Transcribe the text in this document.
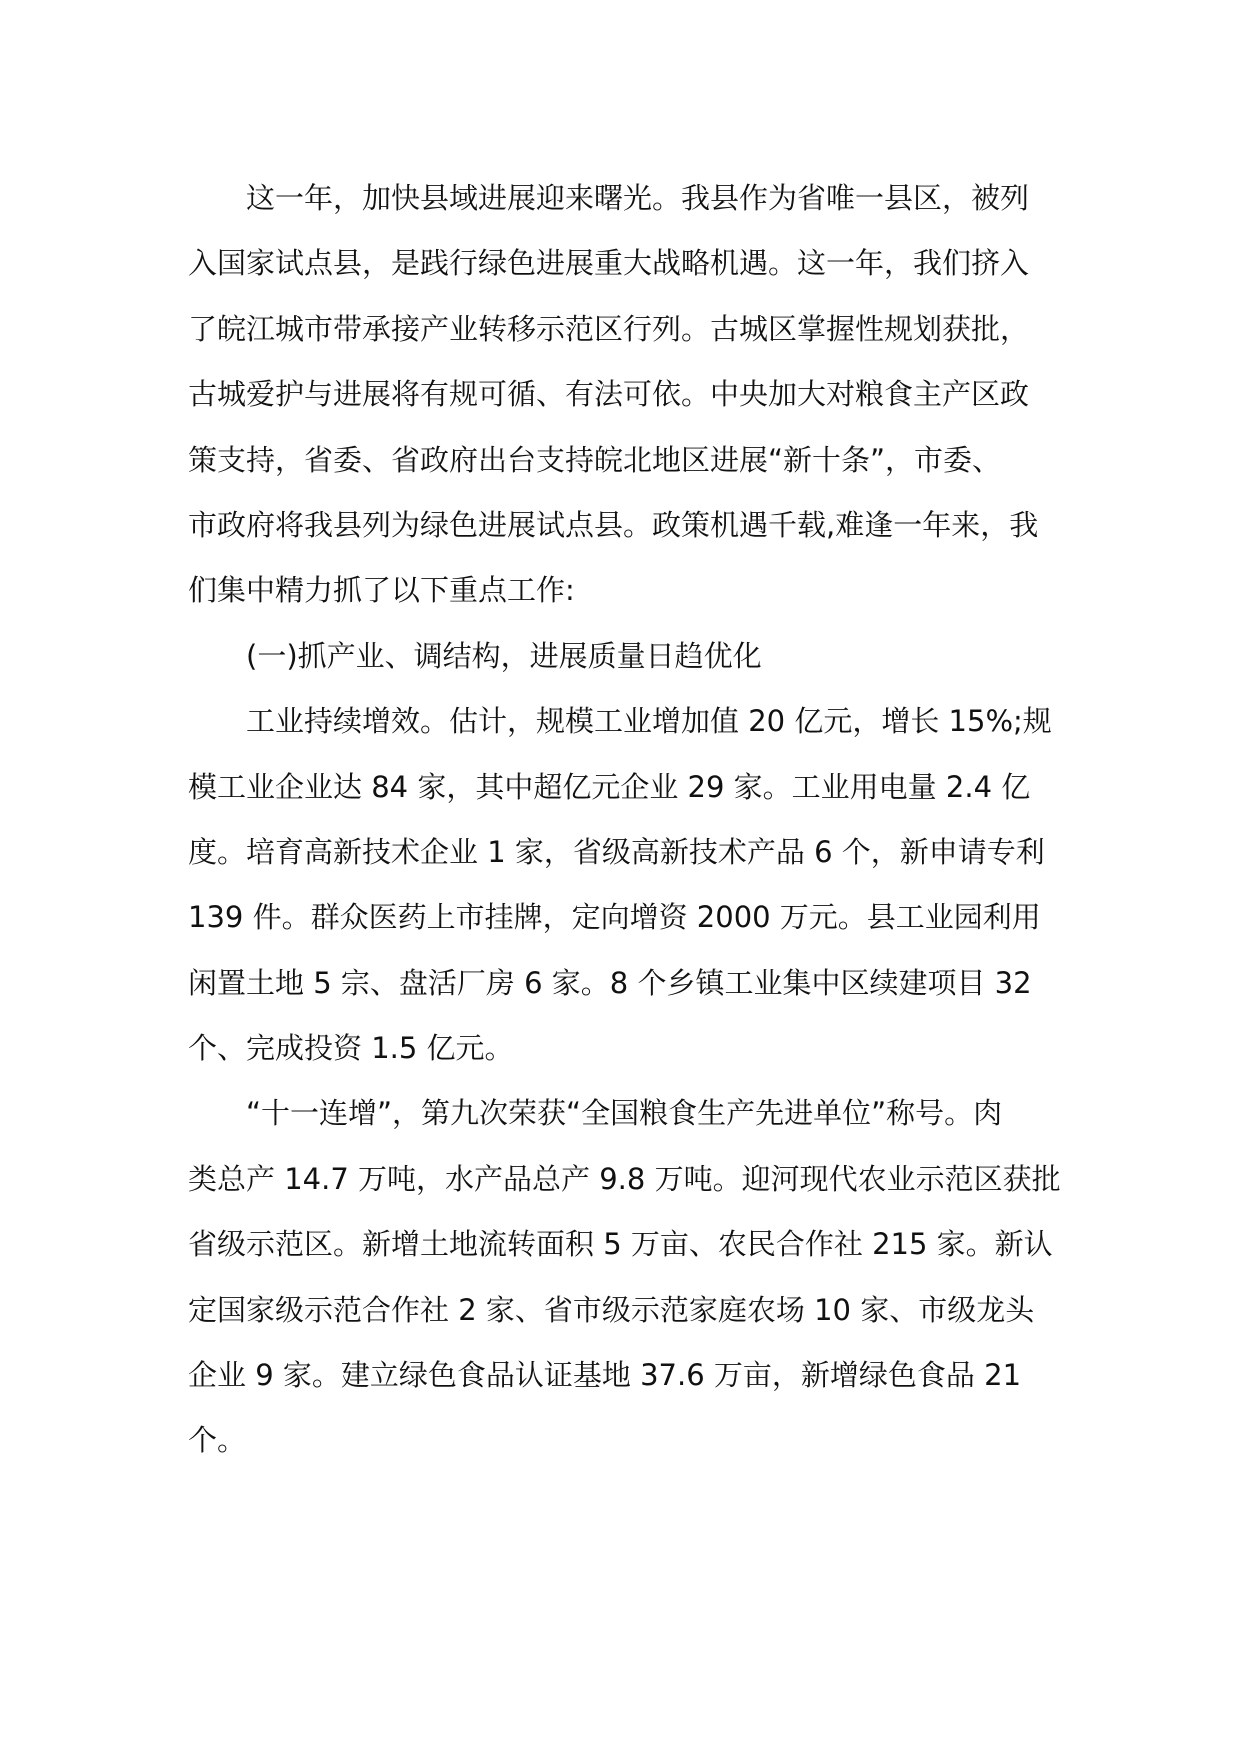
这一年，加快县域进展迎来曙光。我县作为省唯一县区，被列
入国家试点县，是践行绿色进展重大战略机遇。这一年，我们挤入
了皖江城市带承接产业转移示范区行列。古城区掌握性规划获批，
古城爱护与进展将有规可循、有法可依。中央加大对粮食主产区政
策支持，省委、省政府出台支持皖北地区进展“新十条”，市委、
市政府将我县列为绿色进展试点县。政策机遇千载,难逢一年来，我
们集中精力抓了以下重点工作:
(一)抓产业、调结构，进展质量日趋优化
工业持续增效。估计，规模工业增加值 20 亿元，增长 15%;规
模工业企业达 84 家，其中超亿元企业 29 家。工业用电量 2.4 亿
度。培育高新技术企业 1 家，省级高新技术产品 6 个，新申请专利
139 件。群众医药上市挂牌，定向增资 2000 万元。县工业园利用
闲置土地 5 宗、盘活厂房 6 家。8 个乡镇工业集中区续建项目 32
个、完成投资 1.5 亿元。
“十一连增”，第九次荣获“全国粮食生产先进单位”称号。肉
类总产 14.7 万吨，水产品总产 9.8 万吨。迎河现代农业示范区获批
省级示范区。新增土地流转面积 5 万亩、农民合作社 215 家。新认
定国家级示范合作社 2 家、省市级示范家庭农场 10 家、市级龙头
企业 9 家。建立绿色食品认证基地 37.6 万亩，新增绿色食品 21
个。
